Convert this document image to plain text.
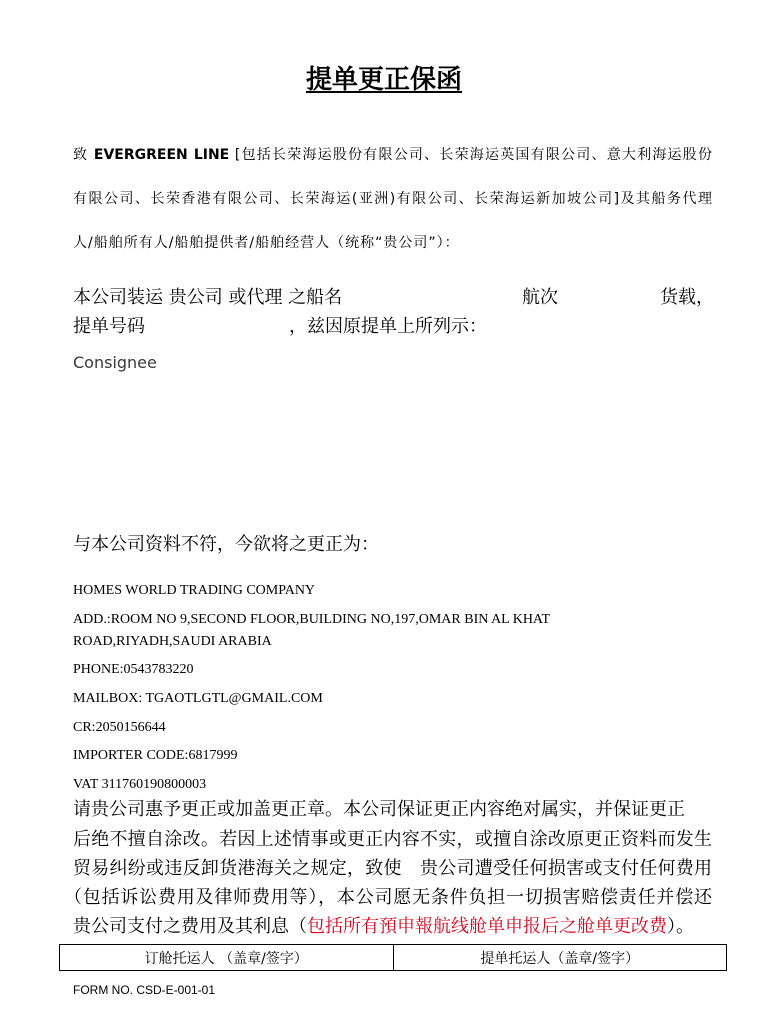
提单更正保函
致 EVERGREEN LINE [包括长荣海运股份有限公司、长荣海运英国有限公司、意大利海运股份
有限公司、长荣香港有限公司、长荣海运(亚洲)有限公司、长荣海运新加坡公司]及其船务代理
人/船舶所有人/船舶提供者/船舶经营人（统称“贵公司”）：
本公司装运 贵公司 或代理 之船名	航次	货载，
提单号码	，兹因原提单上所列示：
Consignee
与本公司资料不符，今欲将之更正为：
HOMES WORLD TRADING COMPANY
ADD.:ROOM NO 9,SECOND FLOOR,BUILDING NO,197,OMAR BIN AL KHAT
ROAD,RIYADH,SAUDI ARABIA
PHONE:0543783220
MAILBOX: TGAOTLGTL@GMAIL.COM
CR:2050156644
IMPORTER CODE:6817999
VAT 311760190800003
请贵公司惠予更正或加盖更正章。本公司保证更正内容绝对属实，并保证更正
后绝不擅自涂改。若因上述情事或更正内容不实，或擅自涂改原更正资料而发生
贸易纠纷或违反卸货港海关之规定，致使　贵公司遭受任何损害或支付任何费用
（包括诉讼费用及律师费用等），本公司愿无条件负担一切损害赔偿责任并偿还
贵公司支付之费用及其利息（包括所有預申報航线舱单申报后之舱单更改费）。
订舱托运人 （盖章/签字）	提单托运人（盖章/签字）
FORM NO. CSD-E-001-01
